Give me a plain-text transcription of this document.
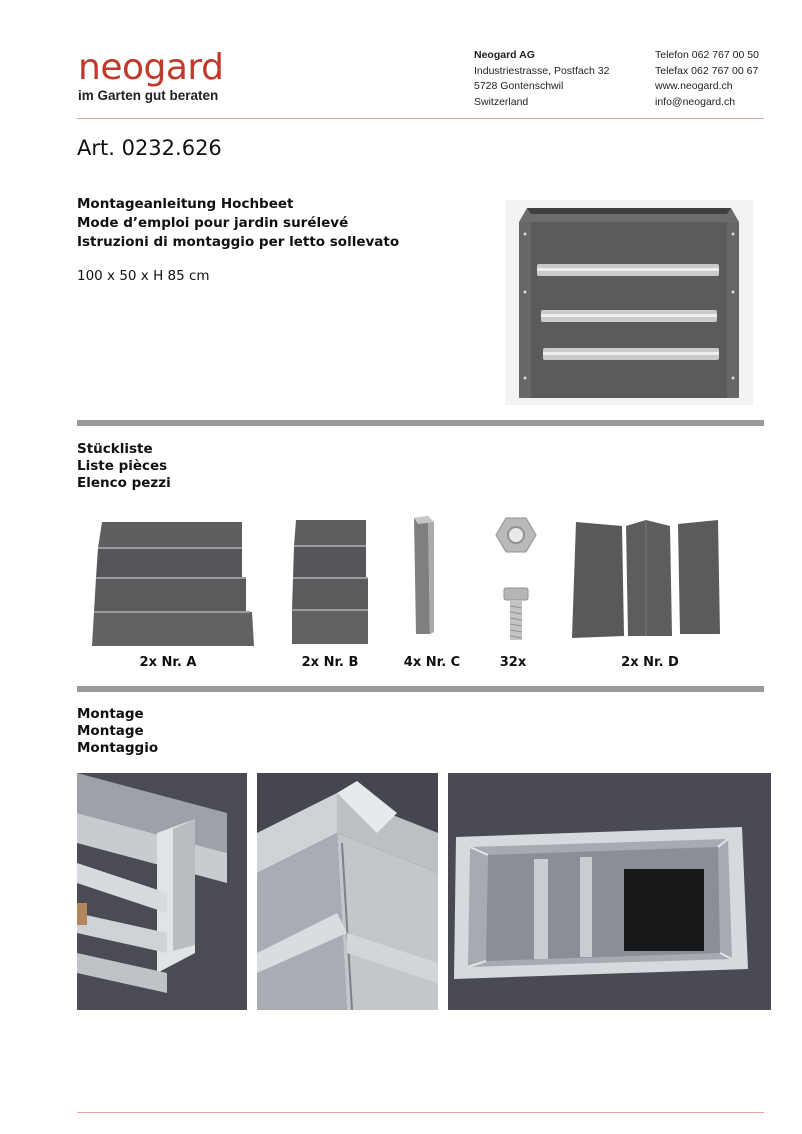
neogard
im Garten gut beraten
Neogard AG
Industriestrasse, Postfach 32
5728 Gontenschwil
Switzerland
Telefon 062 767 00 50
Telefax 062 767 00 67
www.neogard.ch
info@neogard.ch
Art. 0232.626
Montageanleitung Hochbeet
Mode d’emploi pour jardin surélevé
Istruzioni di montaggio per letto sollevato
100 x 50 x H 85 cm
Stückliste
Liste pièces
Elenco pezzi
2x Nr. A	2x Nr. B	4x Nr. C	32x	2x Nr. D
Montage
Montage
Montaggio
